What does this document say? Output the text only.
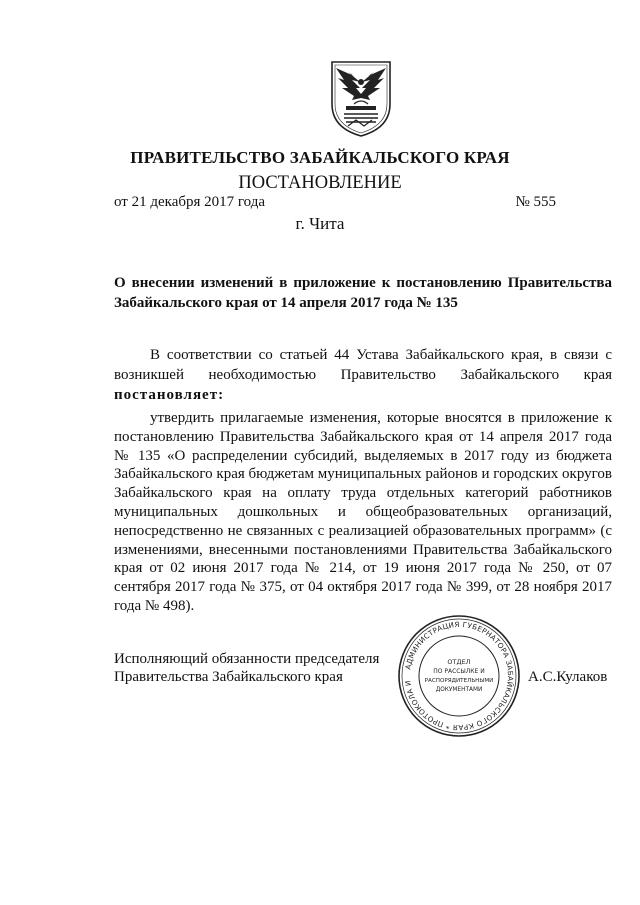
ПРАВИТЕЛЬСТВО ЗАБАЙКАЛЬСКОГО КРАЯ
ПОСТАНОВЛЕНИЕ
от 21 декабря 2017 года	№ 555
г. Чита
О внесении изменений в приложение к постановлению Правительства Забайкальского края от 14 апреля 2017 года № 135
В соответствии со статьей 44 Устава Забайкальского края, в связи с возникшей необходимостью Правительство Забайкальского края постановляет:
утвердить прилагаемые изменения, которые вносятся в приложение к постановлению Правительства Забайкальского края от 14 апреля 2017 года № 135 «О распределении субсидий, выделяемых в 2017 году из бюджета Забайкальского края бюджетам муниципальных районов и городских округов Забайкальского края на оплату труда отдельных категорий работников муниципальных дошкольных и общеобразовательных организаций, непосредственно не связанных с реализацией образовательных программ» (с изменениями, внесенными постановлениями Правительства Забайкальского края от 02 июня 2017 года № 214, от 19 июня 2017 года № 250, от 07 сентября 2017 года № 375, от 04 октября 2017 года № 399, от 28 ноября 2017 года № 498).
Исполняющий обязанности председателя
Правительства Забайкальского края	А.С.Кулаков
АДМИНИСТРАЦИЯ ГУБЕРНАТОРА ЗАБАЙКАЛЬСКОГО КРАЯ * ПРОТОКОЛА И
ОТДЕЛ
ПО РАССЫЛКЕ И
РАСПОРЯДИТЕЛЬНЫМИ
ДОКУМЕНТАМИ
